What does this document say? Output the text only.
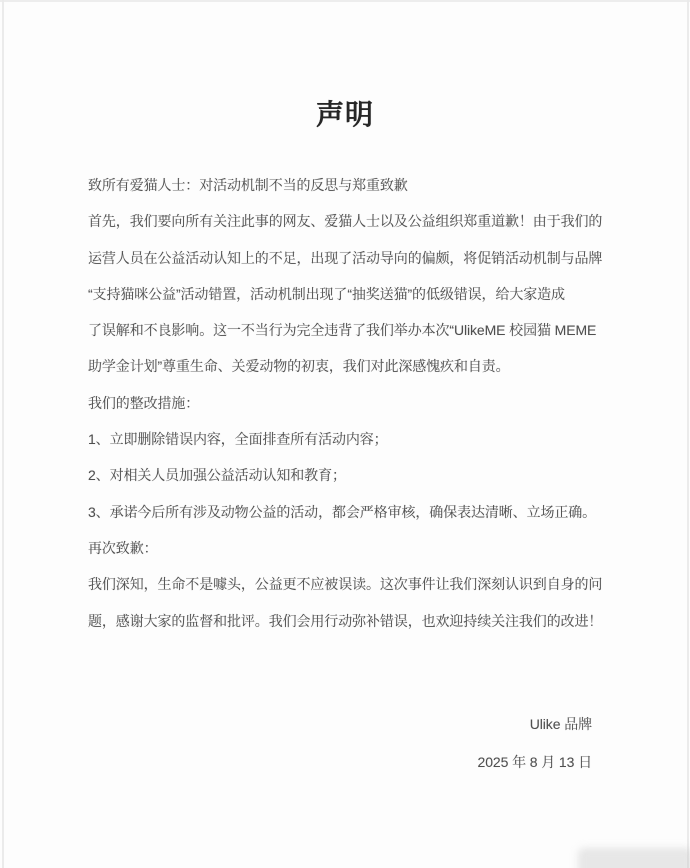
声明
致所有爱猫人士：对活动机制不当的反思与郑重致歉
首先，我们要向所有关注此事的网友、爱猫人士以及公益组织郑重道歉！由于我们的
运营人员在公益活动认知上的不足，出现了活动导向的偏颇，将促销活动机制与品牌
“支持猫咪公益”活动错置，活动机制出现了“抽奖送猫”的低级错误，给大家造成
了误解和不良影响。这一不当行为完全违背了我们举办本次“UlikeME 校园猫 MEME
助学金计划”尊重生命、关爱动物的初衷，我们对此深感愧疚和自责。
我们的整改措施：
1、立即删除错误内容，全面排查所有活动内容；
2、对相关人员加强公益活动认知和教育；
3、承诺今后所有涉及动物公益的活动，都会严格审核，确保表达清晰、立场正确。
再次致歉：
我们深知，生命不是噱头，公益更不应被误读。这次事件让我们深刻认识到自身的问
题，感谢大家的监督和批评。我们会用行动弥补错误，也欢迎持续关注我们的改进！
Ulike 品牌
2025 年 8 月 13 日
